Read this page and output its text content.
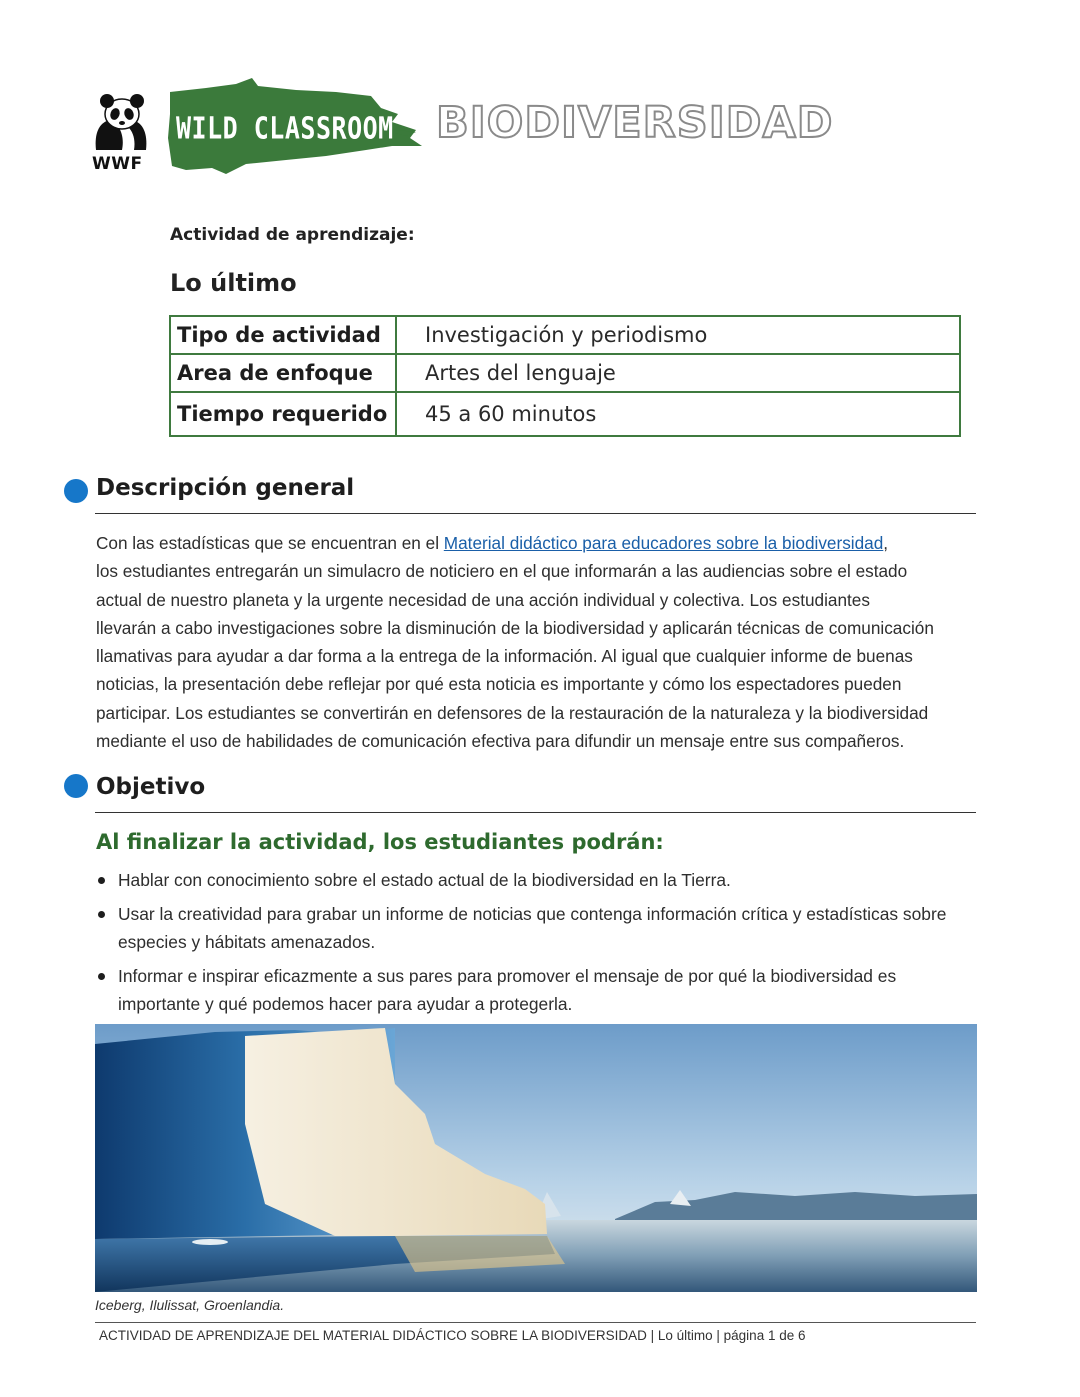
WWF
WILD CLASSROOM BIODIVERSIDAD
Actividad de aprendizaje:
Lo último
Tipo de actividad	Investigación y periodismo
Area de enfoque	Artes del lenguaje
Tiempo requerido	45 a 60 minutos
Descripción general
Con las estadísticas que se encuentran en el Material didáctico para educadores sobre la biodiversidad,
los estudiantes entregarán un simulacro de noticiero en el que informarán a las audiencias sobre el estado
actual de nuestro planeta y la urgente necesidad de una acción individual y colectiva. Los estudiantes
llevarán a cabo investigaciones sobre la disminución de la biodiversidad y aplicarán técnicas de comunicación
llamativas para ayudar a dar forma a la entrega de la información. Al igual que cualquier informe de buenas
noticias, la presentación debe reflejar por qué esta noticia es importante y cómo los espectadores pueden
participar. Los estudiantes se convertirán en defensores de la restauración de la naturaleza y la biodiversidad
mediante el uso de habilidades de comunicación efectiva para difundir un mensaje entre sus compañeros.
Objetivo
Al finalizar la actividad, los estudiantes podrán:
Hablar con conocimiento sobre el estado actual de la biodiversidad en la Tierra.
Usar la creatividad para grabar un informe de noticias que contenga información crítica y estadísticas sobre especies y hábitats amenazados.
Informar e inspirar eficazmente a sus pares para promover el mensaje de por qué la biodiversidad es importante y qué podemos hacer para ayudar a protegerla.
Iceberg, Ilulissat, Groenlandia.
ACTIVIDAD DE APRENDIZAJE DEL MATERIAL DIDÁCTICO SOBRE LA BIODIVERSIDAD | Lo último | página 1 de 6
